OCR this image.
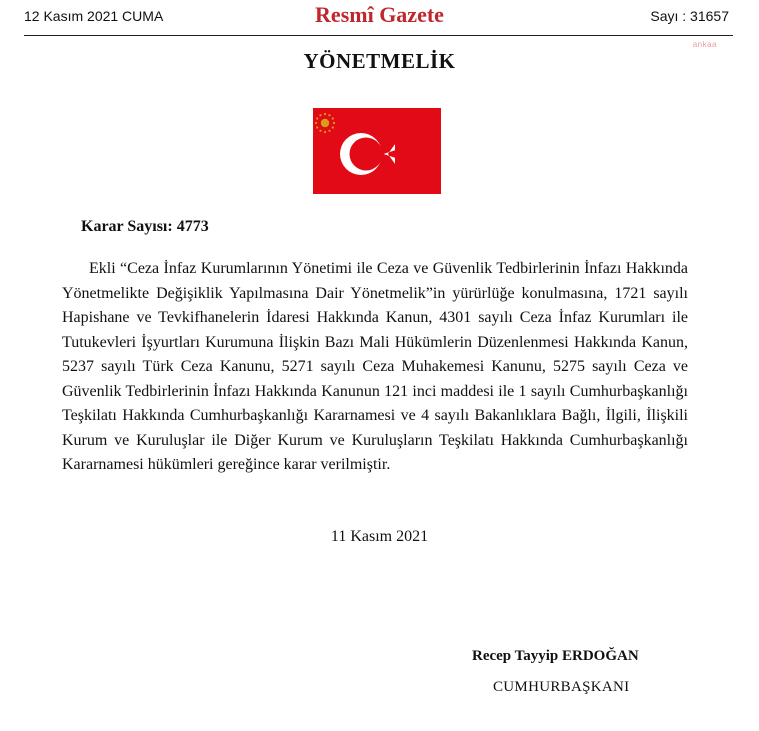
12 Kasım 2021 CUMA	Resmî Gazete	Sayı : 31657
ankaa
YÖNETMELİK
Karar Sayısı: 4773
Ekli “Ceza İnfaz Kurumlarının Yönetimi ile Ceza ve Güvenlik Tedbirlerinin İnfazı Hakkında Yönetmelikte Değişiklik Yapılmasına Dair Yönetmelik”in yürürlüğe konulmasına, 1721 sayılı Hapishane ve Tevkifhanelerin İdaresi Hakkında Kanun, 4301 sayılı Ceza İnfaz Kurumları ile Tutukevleri İşyurtları Kurumuna İlişkin Bazı Mali Hükümlerin Düzenlenmesi Hakkında Kanun, 5237 sayılı Türk Ceza Kanunu, 5271 sayılı Ceza Muhakemesi Kanunu, 5275 sayılı Ceza ve Güvenlik Tedbirlerinin İnfazı Hakkında Kanunun 121 inci maddesi ile 1 sayılı Cumhurbaşkanlığı Teşkilatı Hakkında Cumhurbaşkanlığı Kararnamesi ve 4 sayılı Bakanlıklara Bağlı, İlgili, İlişkili Kurum ve Kuruluşlar ile Diğer Kurum ve Kuruluşların Teşkilatı Hakkında Cumhurbaşkanlığı Kararnamesi hükümleri gereğince karar verilmiştir.
11 Kasım 2021
Recep Tayyip ERDOĞAN
CUMHURBAŞKANI
